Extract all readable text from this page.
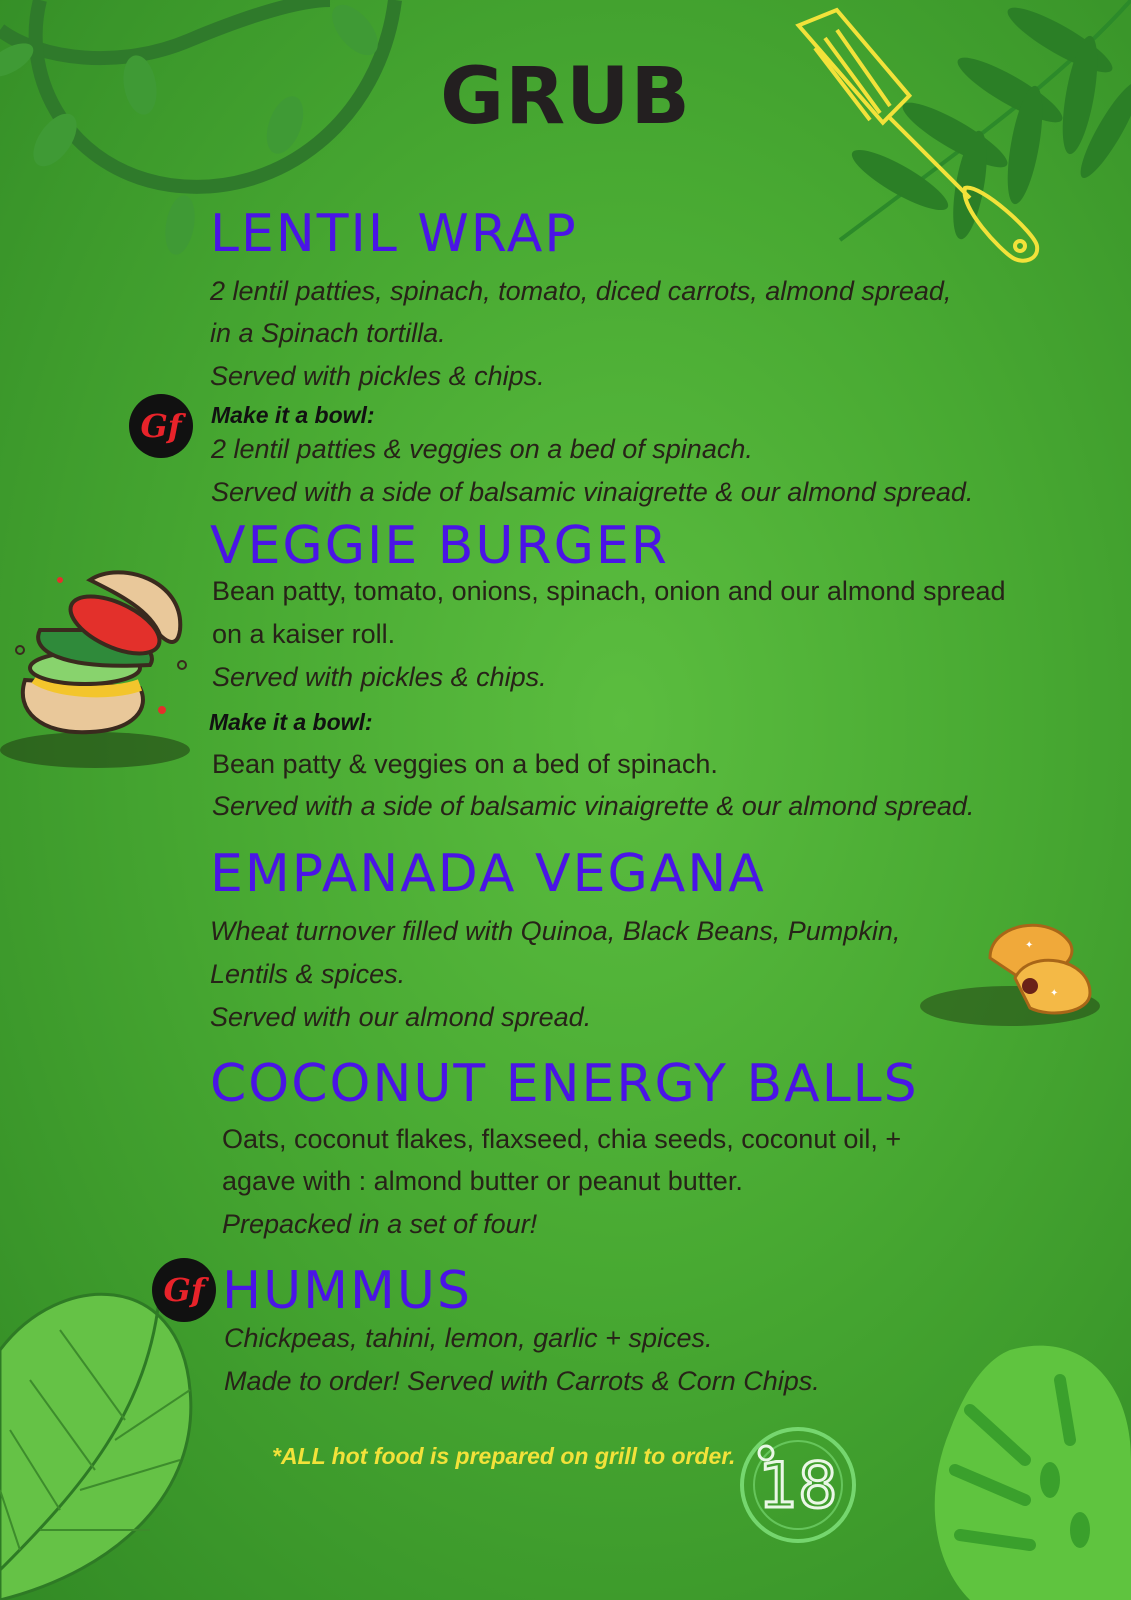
GRUB
LENTIL WRAP
2 lentil patties, spinach, tomato, diced carrots, almond spread,
in a Spinach tortilla.
Served with pickles & chips.
Gf	Make it a bowl:
2 lentil patties & veggies on a bed of spinach.
Served with a side of balsamic vinaigrette & our almond spread.
VEGGIE BURGER
Bean patty, tomato, onions, spinach, onion and our almond spread
on a kaiser roll.
Served with pickles & chips.
Make it a bowl:
Bean patty & veggies on a bed of spinach.
Served with a side of balsamic vinaigrette & our almond spread.
EMPANADA VEGANA
Wheat turnover filled with Quinoa, Black Beans, Pumpkin,
Lentils & spices.
Served with our almond spread.
✦
✦
COCONUT ENERGY BALLS
Oats, coconut flakes, flaxseed, chia seeds, coconut oil, +
agave with : almond butter or peanut butter.
Prepacked in a set of four!
Gf HUMMUS
Chickpeas, tahini, lemon, garlic + spices.
Made to order! Served with Carrots & Corn Chips.
*ALL hot food is prepared on grill to order. 18
